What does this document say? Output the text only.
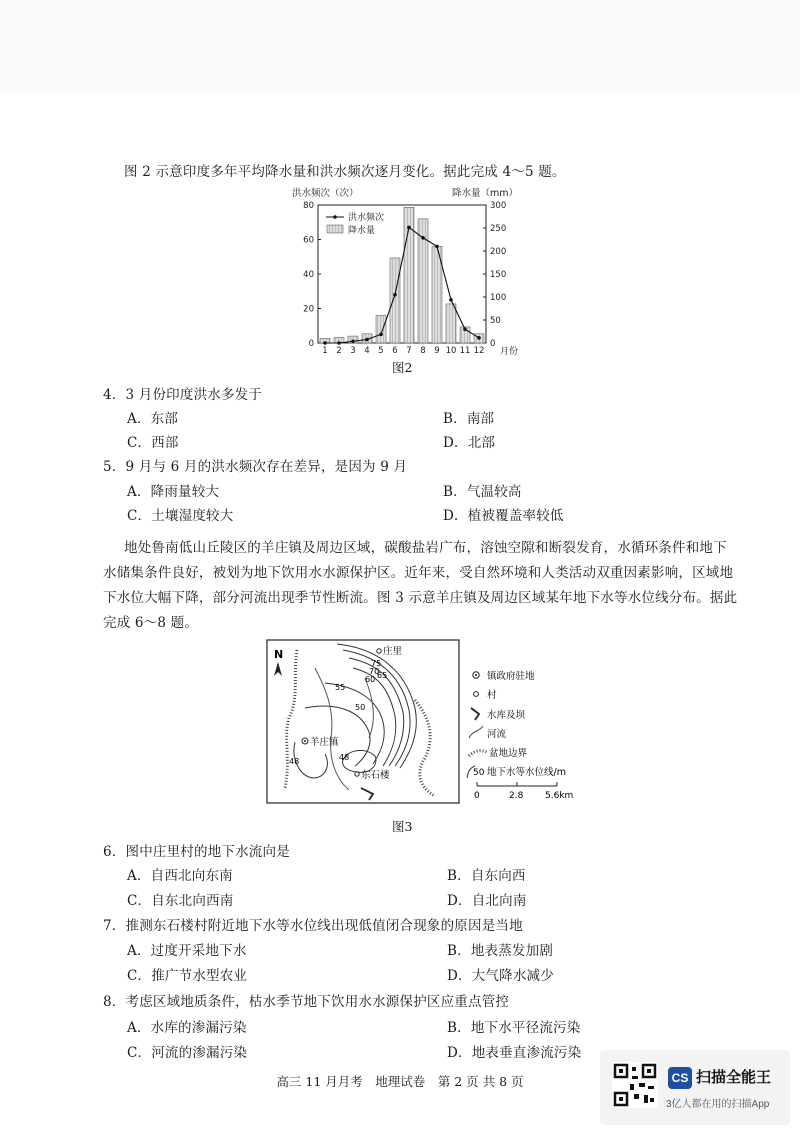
图 2 示意印度多年平均降水量和洪水频次逐月变化。据此完成 4～5 题。
洪水频次（次）	降水量（mm）
0
20
40
60
80
0
50
100
150
200
250
300
1 2 3 4 5 6 7 8 9 10 11 12
洪水频次
降水量
月份
图2
4．3 月份印度洪水多发于
A．东部	B．南部
C．西部	D．北部
5．9 月与 6 月的洪水频次存在差异，是因为 9 月
A．降雨量较大	B．气温较高
C．土壤湿度较大	D．植被覆盖率较低
地处鲁南低山丘陵区的羊庄镇及周边区域，碳酸盐岩广布，溶蚀空隙和断裂发育，水循环条件和地下
水储集条件良好，被划为地下饮用水水源保护区。近年来，受自然环境和人类活动双重因素影响，区域地
下水位大幅下降，部分河流出现季节性断流。图 3 示意羊庄镇及周边区域某年地下水等水位线分布。据此
完成 6～8 题。
N	庄里
75
70
65
60
55
50
羊庄镇
48
48
东石楼
镇政府驻地
村
水库及坝
河流
盆地边界
50 地下水等水位线/m
0	2.8 5.6km
图3
6．图中庄里村的地下水流向是
A．自西北向东南	B．自东向西
C．自东北向西南	D．自北向南
7．推测东石楼村附近地下水等水位线出现低值闭合现象的原因是当地
A．过度开采地下水	B．地表蒸发加剧
C．推广节水型农业	D．大气降水减少
8．考虑区域地质条件，枯水季节地下饮用水水源保护区应重点管控
A．水库的渗漏污染	B．地下水平径流污染
C．河流的渗漏污染	D．地表垂直渗流污染
高三 11 月月考　地理试卷　第 2 页 共 8 页	CS 扫描全能王
3亿人都在用的扫描App
